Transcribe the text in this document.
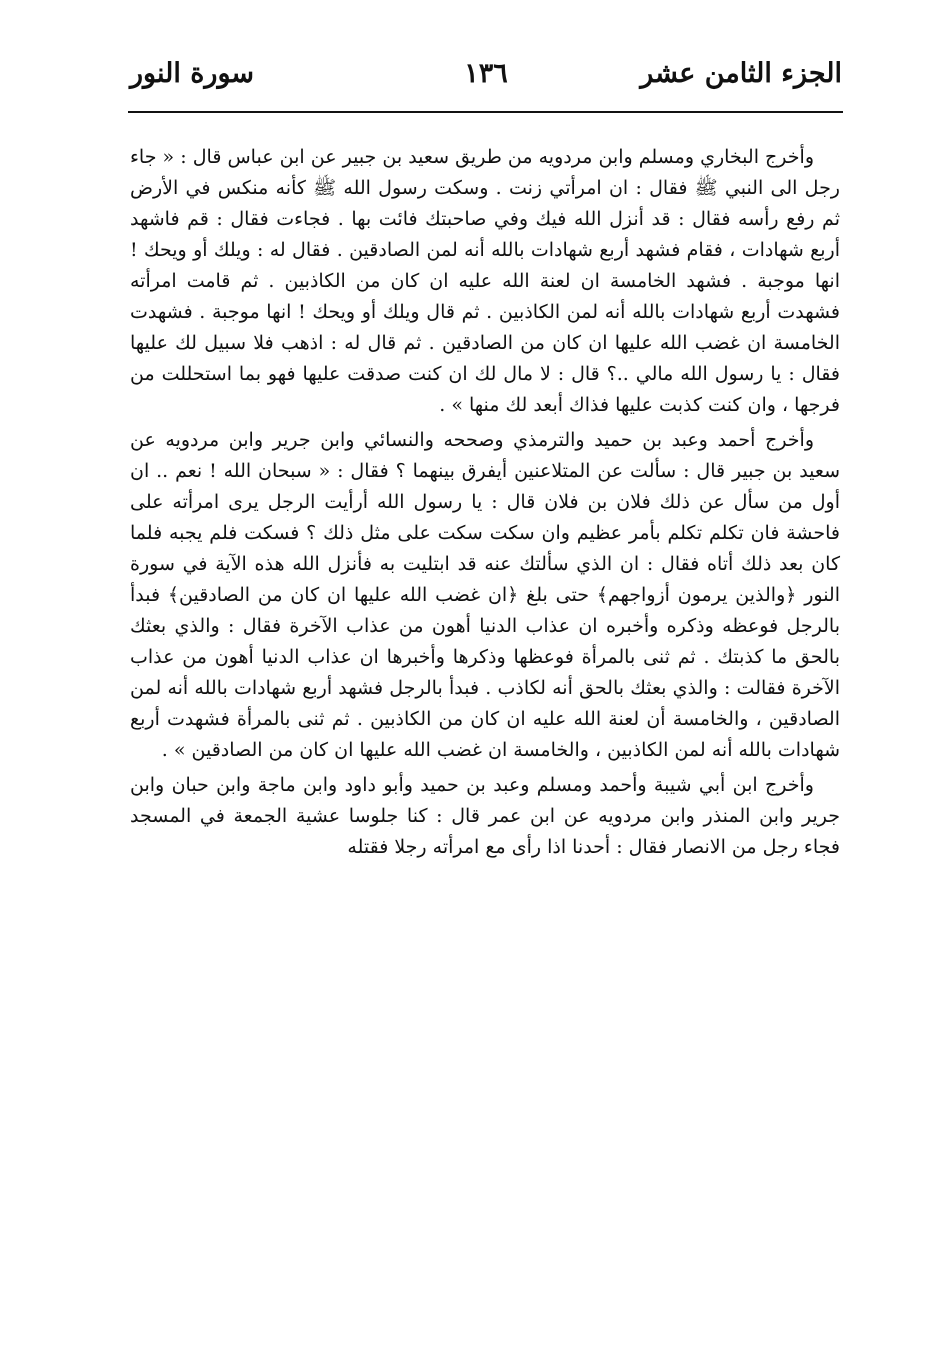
الجزء الثامن عشر
١٣٦
سورة النور

وأخرج البخاري ومسلم وابن مردويه من طريق سعيد بن جبير عن ابن عباس قال : « جاء رجل الى النبي ﷺ فقال : ان امرأتي زنت . وسكت رسول الله ﷺ كأنه منكس في الأرض ثم رفع رأسه فقال : قد أنزل الله فيك وفي صاحبتك فائت بها . فجاءت فقال : قم فاشهد أربع شهادات ، فقام فشهد أربع شهادات بالله أنه لمن الصادقين . فقال له : ويلك أو ويحك ! انها موجبة . فشهد الخامسة ان لعنة الله عليه ان كان من الكاذبين . ثم قامت امرأته فشهدت أربع شهادات بالله أنه لمن الكاذبين . ثم قال ويلك أو ويحك ! انها موجبة . فشهدت الخامسة ان غضب الله عليها ان كان من الصادقين . ثم قال له : اذهب فلا سبيل لك عليها فقال : يا رسول الله مالي ..؟ قال : لا مال لك ان كنت صدقت عليها فهو بما استحللت من فرجها ، وان كنت كذبت عليها فذاك أبعد لك منها » .

وأخرج أحمد وعبد بن حميد والترمذي وصححه والنسائي وابن جرير وابن مردويه عن سعيد بن جبير قال : سألت عن المتلاعنين أيفرق بينهما ؟ فقال : « سبحان الله ! نعم .. ان أول من سأل عن ذلك فلان بن فلان قال : يا رسول الله أرأيت الرجل يرى امرأته على فاحشة فان تكلم تكلم بأمر عظيم وان سكت سكت على مثل ذلك ؟ فسكت فلم يجبه فلما كان بعد ذلك أتاه فقال : ان الذي سألتك عنه قد ابتليت به فأنزل الله هذه الآية في سورة النور ﴿والذين يرمون أزواجهم﴾ حتى بلغ ﴿ان غضب الله عليها ان كان من الصادقين﴾ فبدأ بالرجل فوعظه وذكره وأخبره ان عذاب الدنيا أهون من عذاب الآخرة فقال : والذي بعثك بالحق ما كذبتك . ثم ثنى بالمرأة فوعظها وذكرها وأخبرها ان عذاب الدنيا أهون من عذاب الآخرة فقالت : والذي بعثك بالحق أنه لكاذب . فبدأ بالرجل فشهد أربع شهادات بالله أنه لمن الصادقين ، والخامسة أن لعنة الله عليه ان كان من الكاذبين . ثم ثنى بالمرأة فشهدت أربع شهادات بالله أنه لمن الكاذبين ، والخامسة ان غضب الله عليها ان كان من الصادقين » .

وأخرج ابن أبي شيبة وأحمد ومسلم وعبد بن حميد وأبو داود وابن ماجة وابن حبان وابن جرير وابن المنذر وابن مردويه عن ابن عمر قال : كنا جلوسا عشية الجمعة في المسجد فجاء رجل من الانصار فقال : أحدنا اذا رأى مع امرأته رجلا فقتله
